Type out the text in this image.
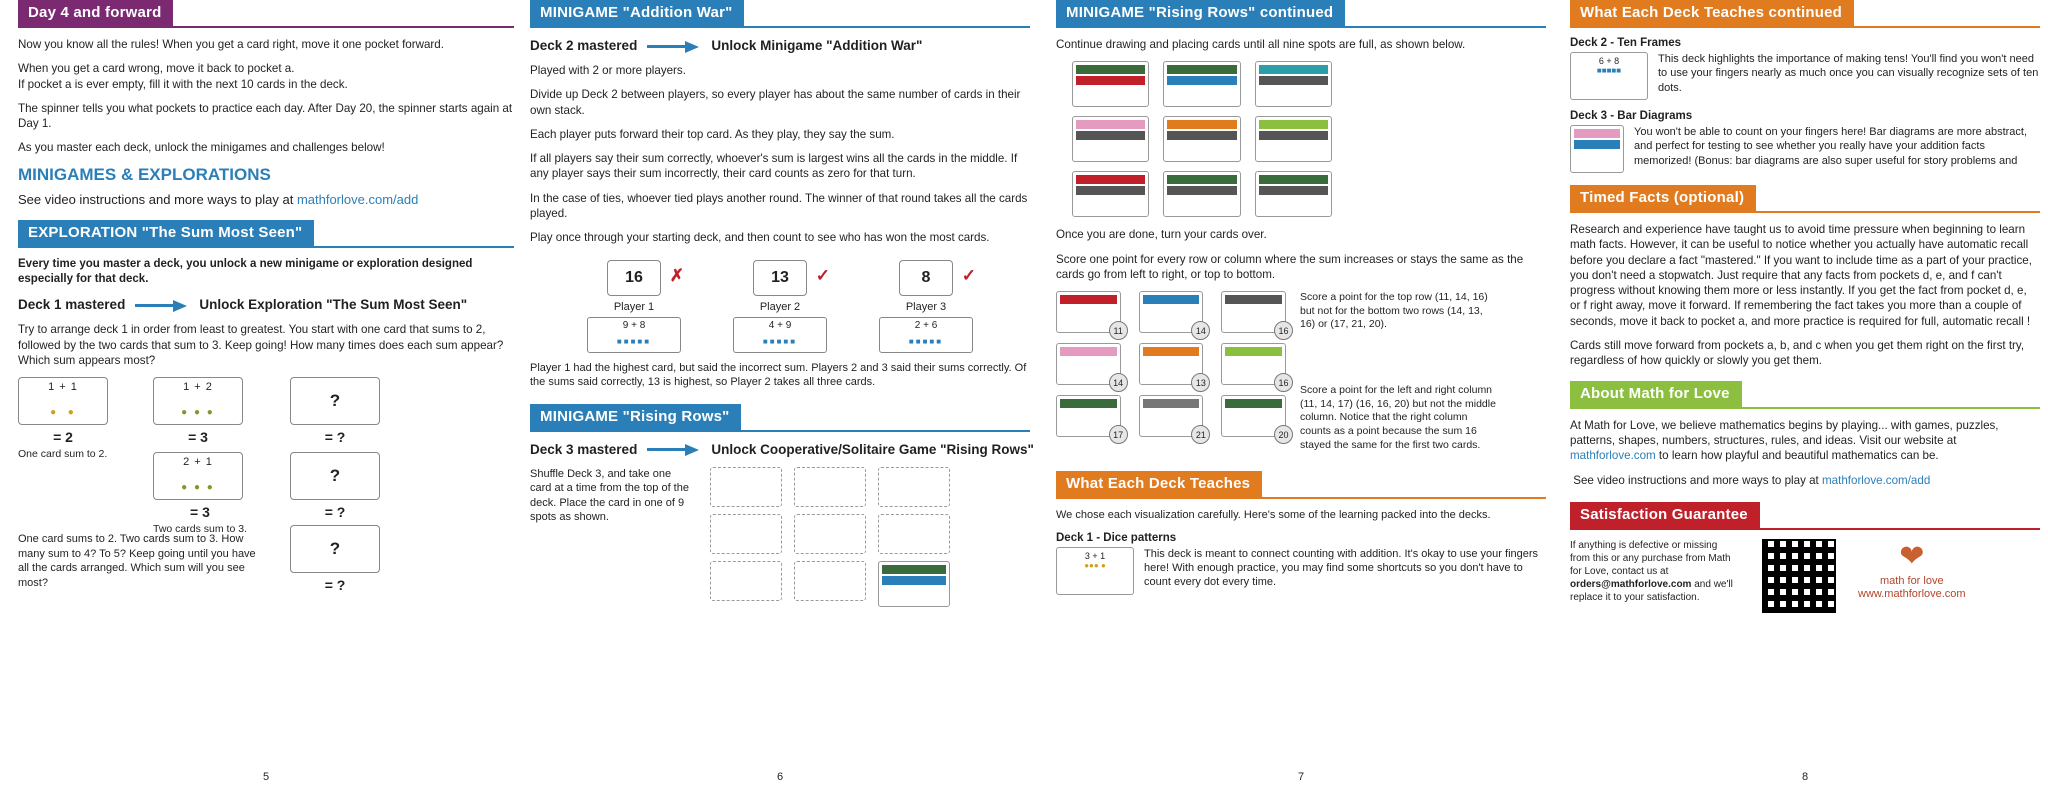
Day 4 and forward

Now you know all the rules! When you get a card right, move it one pocket forward.

When you get a card wrong, move it back to pocket a.

If pocket a is ever empty, fill it with the next 10 cards in the deck.

The spinner tells you what pockets to practice each day. After Day 20, the spinner starts again at Day 1.

As you master each deck, unlock the minigames and challenges below!

MINIGAMES & EXPLORATIONS

See video instructions and more ways to play at mathforlove.com/add

EXPLORATION "The Sum Most Seen"

Every time you master a deck, you unlock a new minigame or exploration designed especially for that deck.

Deck 1 mastered	Unlock Exploration "The Sum Most Seen"

Try to arrange deck 1 in order from least to greatest. You start with one card that sums to 2, followed by the two cards that sum to 3. Keep going! How many times does each sum appear? Which sum appears most?

1 + 1
●  ●
= 2
One card sum to 2.
1 + 2
● ● ●
= 3
2 + 1
● ● ●
= 3
Two cards sum to 3.
?
= ?
?
= ?
?
= ?

One card sums to 2. Two cards sum to 3. How many sum to 4? To 5? Keep going until you have all the cards arranged. Which sum will you see most?

5
MINIGAME "Addition War"
Deck 2 mastered	Unlock Minigame "Addition War"

Played with 2 or more players.

Divide up Deck 2 between players, so every player has about the same number of cards in their own stack.

Each player puts forward their top card. As they play, they say the sum.

If all players say their sum correctly, whoever's sum is largest wins all the cards in the middle. If any player says their sum incorrectly, their card counts as zero for that turn.

In the case of ties, whoever tied plays another round. The winner of that round takes all the cards played.

Play once through your starting deck, and then count to see who has won the most cards.

16	✗
Player 1
9 + 8
■■■■■
13	✓
Player 2
4 + 9
■■■■■
8	✓
Player 3
2 + 6
■■■■■

Player 1 had the highest card, but said the incorrect sum. Players 2 and 3 said their sums correctly. Of the sums said correctly, 13 is highest, so Player 2 takes all three cards.

MINIGAME "Rising Rows"
Deck 3 mastered	Unlock Cooperative/Solitaire Game "Rising Rows"

Shuffle Deck 3, and take one card at a time from the top of the deck. Place the card in one of 9 spots as shown.

6
MINIGAME "Rising Rows" continued

Continue drawing and placing cards until all nine spots are full, as shown below.

Once you are done, turn your cards over.

Score one point for every row or column where the sum increases or stays the same as the cards go from left to right, or top to bottom.

11	14	16
14	13	16
17	21	20

Score a point for the top row (11, 14, 16) but not for the bottom two rows (14, 13, 16) or (17, 21, 20).

Score a point for the left and right column (11, 14, 17) (16, 16, 20) but not the middle column. Notice that the right column counts as a point because the sum 16 stayed the same for the first two cards.

What Each Deck Teaches

We chose each visualization carefully. Here's some of the learning packed into the decks.

Deck 1 - Dice patterns
3 + 1
●●● ●

This deck is meant to connect counting with addition. It's okay to use your fingers here! With enough practice, you may find some shortcuts so you don't have to count every dot every time.

7
What Each Deck Teaches continued
Deck 2 - Ten Frames
6 + 8
■■■■■

This deck highlights the importance of making tens! You'll find you won't need to use your fingers nearly as much once you can visually recognize sets of ten dots.

Deck 3 - Bar Diagrams

You won't be able to count on your fingers here! Bar diagrams are more abstract, and perfect for testing to see whether you really have your addition facts memorized! (Bonus: bar diagrams are also super useful for story problems and

Timed Facts (optional)

Research and experience have taught us to avoid time pressure when beginning to learn math facts. However, it can be useful to notice whether you actually have automatic recall before you declare a fact "mastered." If you want to include time as a part of your practice, you don't need a stopwatch. Just require that any facts from pockets d, e, and f can't progress without knowing them more or less instantly. If you get the fact from pocket d, e, or f right away, move it forward. If remembering the fact takes you more than a couple of seconds, move it back to pocket a, and more practice is required for full, automatic recall !

Cards still move forward from pockets a, b, and c when you get them right on the first try, regardless of how quickly or slowly you get them.

About Math for Love

At Math for Love, we believe mathematics begins by playing... with games, puzzles, patterns, shapes, numbers, structures, rules, and ideas. Visit our website at mathforlove.com to learn how playful and beautiful mathematics can be.

See video instructions and more ways to play at mathforlove.com/add

Satisfaction Guarantee

If anything is defective or missing from this or any purchase from Math for Love, contact us at orders@mathforlove.com and we'll replace it to your satisfaction.

❤
math for love
www.mathforlove.com
8
